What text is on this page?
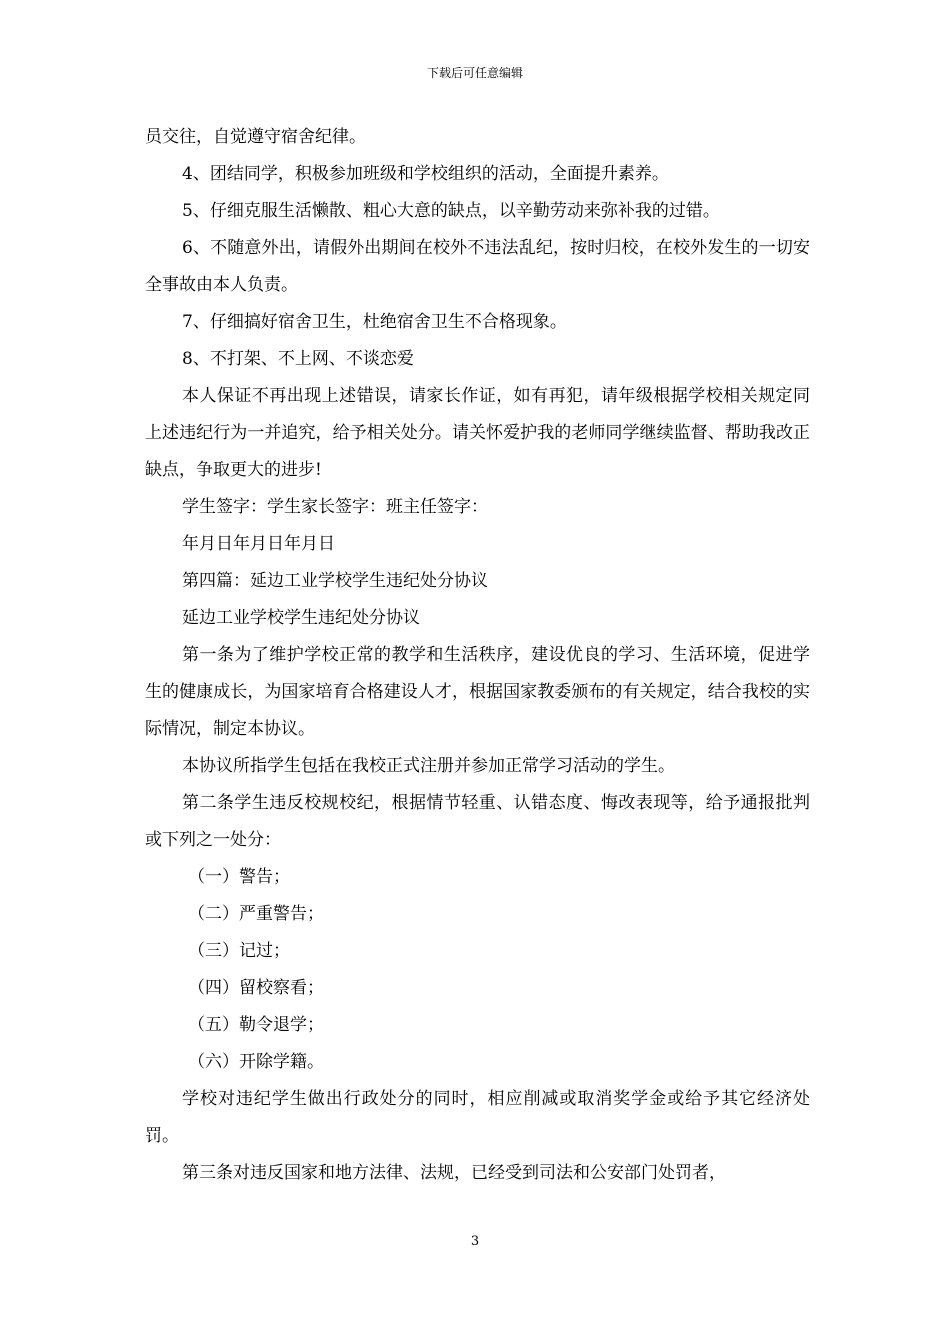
下载后可任意编辑

员交往，自觉遵守宿舍纪律。

4、团结同学，积极参加班级和学校组织的活动，全面提升素养。

5、仔细克服生活懒散、粗心大意的缺点，以辛勤劳动来弥补我的过错。

6、不随意外出，请假外出期间在校外不违法乱纪，按时归校，在校外发生的一切安全事故由本人负责。

7、仔细搞好宿舍卫生，杜绝宿舍卫生不合格现象。

8、不打架、不上网、不谈恋爱

本人保证不再出现上述错误，请家长作证，如有再犯，请年级根据学校相关规定同上述违纪行为一并追究，给予相关处分。请关怀爱护我的老师同学继续监督、帮助我改正缺点，争取更大的进步!

学生签字：学生家长签字：班主任签字：

年月日年月日年月日

第四篇：延边工业学校学生违纪处分协议

延边工业学校学生违纪处分协议

第一条为了维护学校正常的教学和生活秩序，建设优良的学习、生活环境，促进学生的健康成长，为国家培育合格建设人才，根据国家教委颁布的有关规定，结合我校的实际情况，制定本协议。

本协议所指学生包括在我校正式注册并参加正常学习活动的学生。

第二条学生违反校规校纪，根据情节轻重、认错态度、悔改表现等，给予通报批判或下列之一处分：

（一）警告；

（二）严重警告；

（三）记过；

（四）留校察看；

（五）勒令退学；

（六）开除学籍。

学校对违纪学生做出行政处分的同时，相应削减或取消奖学金或给予其它经济处罚。

第三条对违反国家和地方法律、法规，已经受到司法和公安部门处罚者，

3
